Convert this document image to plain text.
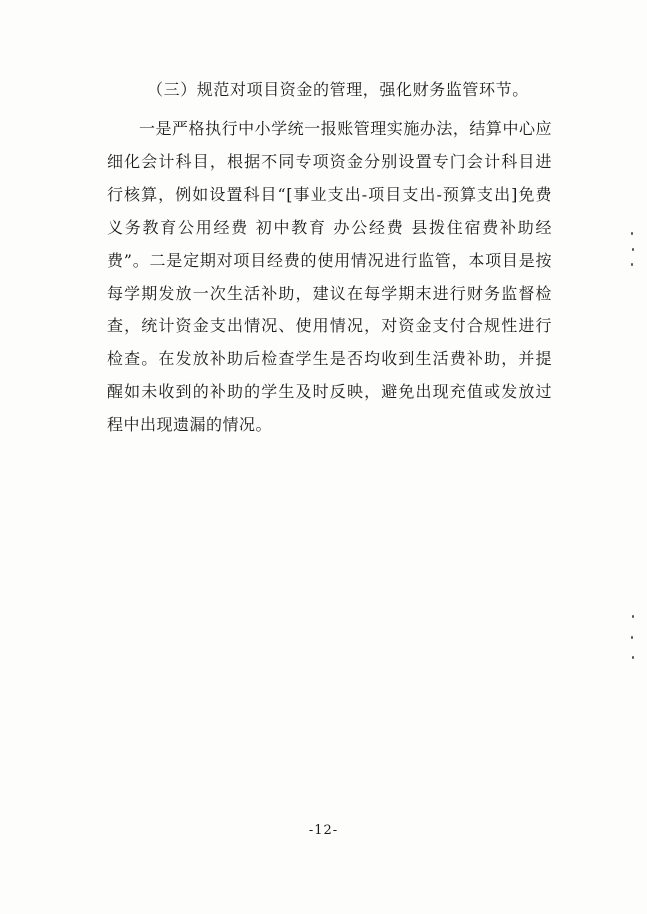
（三）规范对项目资金的管理，强化财务监管环节。

一是严格执行中小学统一报账管理实施办法，结算中心应细化会计科目，根据不同专项资金分别设置专门会计科目进行核算，例如设置科目“[事业支出-项目支出-预算支出]免费义务教育公用经费 初中教育 办公经费 县拨住宿费补助经费”。二是定期对项目经费的使用情况进行监管，本项目是按每学期发放一次生活补助，建议在每学期末进行财务监督检查，统计资金支出情况、使用情况，对资金支付合规性进行检查。在发放补助后检查学生是否均收到生活费补助，并提醒如未收到的补助的学生及时反映，避免出现充值或发放过程中出现遗漏的情况。

-12-
